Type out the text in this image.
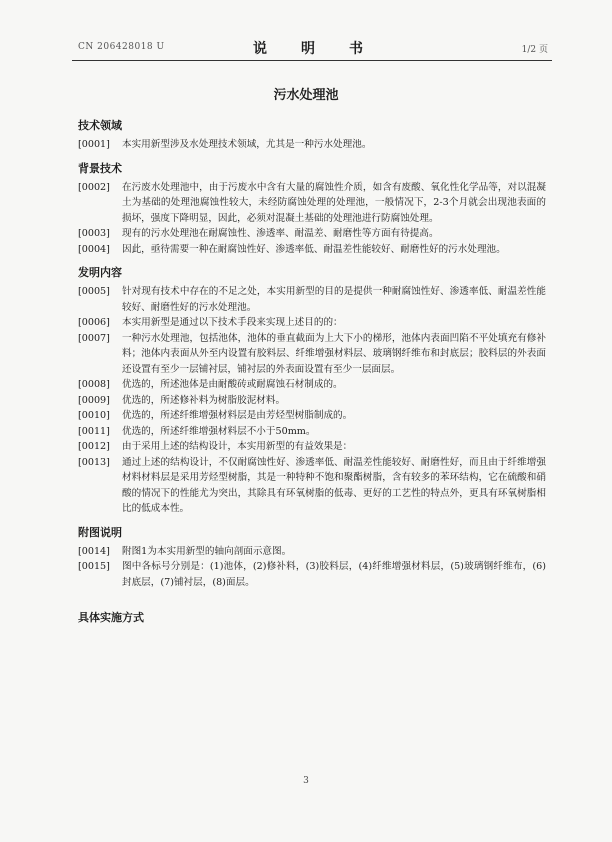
CN 206428018 U	说　明　书	1/2 页
污水处理池
技术领域
[0001]	本实用新型涉及水处理技术领域，尤其是一种污水处理池。
背景技术
[0002]	在污废水处理池中，由于污废水中含有大量的腐蚀性介质，如含有废酸、氧化性化学品等，对以混凝土为基础的处理池腐蚀性较大，未经防腐蚀处理的处理池，一般情况下，2-3个月就会出现池表面的损坏，强度下降明显，因此，必须对混凝土基础的处理池进行防腐蚀处理。
[0003]	现有的污水处理池在耐腐蚀性、渗透率、耐温差、耐磨性等方面有待提高。
[0004]	因此，亟待需要一种在耐腐蚀性好、渗透率低、耐温差性能较好、耐磨性好的污水处理池。
发明内容
[0005]	针对现有技术中存在的不足之处，本实用新型的目的是提供一种耐腐蚀性好、渗透率低、耐温差性能较好、耐磨性好的污水处理池。
[0006]	本实用新型是通过以下技术手段来实现上述目的的：
[0007]	一种污水处理池，包括池体，池体的垂直截面为上大下小的梯形，池体内表面凹陷不平处填充有修补料；池体内表面从外至内设置有胶料层、纤维增强材料层、玻璃钢纤维布和封底层；胶料层的外表面还设置有至少一层铺衬层，铺衬层的外表面设置有至少一层面层。
[0008]	优选的，所述池体是由耐酸砖或耐腐蚀石材制成的。
[0009]	优选的，所述修补料为树脂胶泥材料。
[0010]	优选的，所述纤维增强材料层是由芳烃型树脂制成的。
[0011]	优选的，所述纤维增强材料层不小于50mm。
[0012]	由于采用上述的结构设计，本实用新型的有益效果是：
[0013]	通过上述的结构设计，不仅耐腐蚀性好、渗透率低、耐温差性能较好、耐磨性好，而且由于纤维增强材料材料层是采用芳烃型树脂，其是一种特种不饱和聚酯树脂，含有较多的苯环结构，它在硫酸和硝酸的情况下的性能尤为突出，其除具有环氧树脂的低毒、更好的工艺性的特点外，更具有环氧树脂相比的低成本性。
附图说明
[0014]	附图1为本实用新型的轴向剖面示意图。
[0015]	图中各标号分别是：(1)池体，(2)修补料，(3)胶料层，(4)纤维增强材料层，(5)玻璃钢纤维布，(6)封底层，(7)铺衬层，(8)面层。
具体实施方式
3
